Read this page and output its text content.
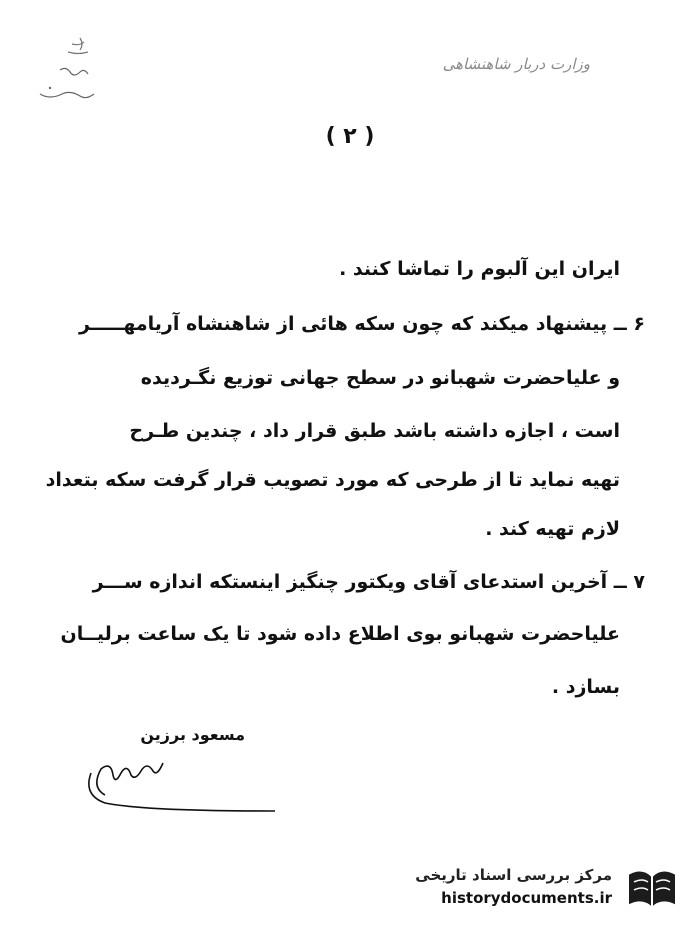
وزارت دربار شاهنشاهی
( ۲ )
ایران این آلبوم را تماشا کنند .
۶ ــ پیشنهاد میکند که چون سکه هائی از شاهنشاه آریامهـــــر
و علیاحضرت شهبانو در سطح جهانی توزیع نگـردیده
است ، اجازه داشته باشد طبق قرار داد ، چندین طـرح
تهیه نماید تا از طرحی که مورد تصویب قرار گرفت سکه بتعداد
لازم تهیه کند .
۷ ــ آخرین استدعای آقای ویکتور چنگیز اینستکه اندازه ســـر
علیاحضرت شهبانو بوی اطلاع داده شود تا یک ساعت برلیــان
بسازد .
مسعود برزین
مرکز بررسی اسناد تاریخی
historydocuments.ir
